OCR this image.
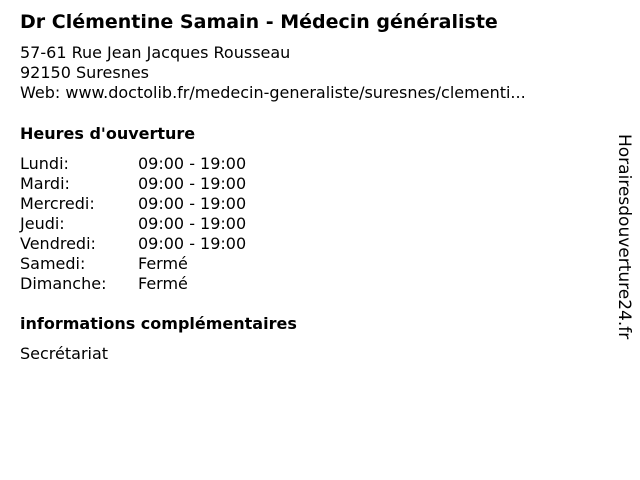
Dr Clémentine Samain - Médecin généraliste
57-61 Rue Jean Jacques Rousseau
92150 Suresnes
Web: www.doctolib.fr/medecin-generaliste/suresnes/clementi...
Heures d'ouverture
Lundi:	09:00 - 19:00
Mardi:	09:00 - 19:00
Mercredi:	09:00 - 19:00
Jeudi:	09:00 - 19:00
Vendredi:	09:00 - 19:00
Samedi:	Fermé
Dimanche:	Fermé
informations complémentaires
Secrétariat
Horairesdouverture24.fr
